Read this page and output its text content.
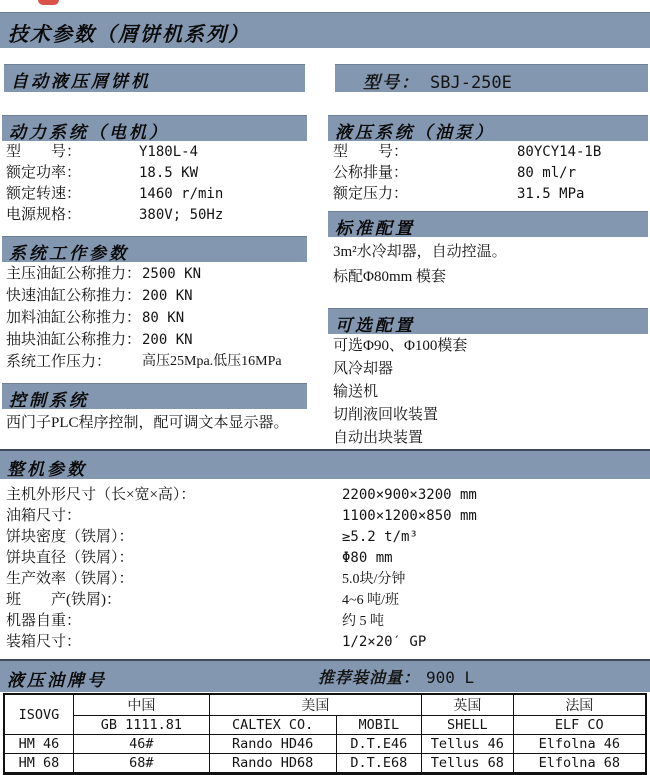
技术参数（屑饼机系列）
自动液压屑饼机	型号： SBJ-250E
动力系统（电机）
型　　号：	Y180L-4
额定功率：	18.5 KW
额定转速：	1460 r/min
电源规格：	380V; 50Hz
系统工作参数
主压油缸公称推力： 2500 KN
快速油缸公称推力： 200 KN
加料油缸公称推力： 80 KN
抽块油缸公称推力： 200 KN
系统工作压力：	高压25Mpa.低压16MPa
控制系统
西门子PLC程序控制，配可调文本显示器。
液压系统（油泵）
型　　号：	80YCY14-1B
公称排量：	80 ml/r
额定压力：	31.5 MPa
标准配置
3m²水冷却器，自动控温。
标配Φ80mm 模套
可选配置
可选Φ90、Φ100模套
风冷却器
输送机
切削液回收装置
自动出块装置
整机参数
主机外形尺寸（长×宽×高）：	2200×900×3200 mm
油箱尺寸：	1100×1200×850 mm
饼块密度（铁屑）：	≥5.2 t/m³
饼块直径（铁屑）：	Φ80 mm
生产效率（铁屑）：	5.0块/分钟
班　　产(铁屑)：	4~6 吨/班
机器自重：	约 5 吨
装箱尺寸：	1/2×20′ GP
液压油牌号	推荐装油量： 900 L
ISOVG	中国	美国		英国	法国
	GB 1111.81	CALTEX CO.	MOBIL	SHELL	ELF CO
HM 46	46#	Rando HD46	D.T.E46	Tellus 46	Elfolna 46
HM 68	68#	Rando HD68	D.T.E68	Tellus 68	Elfolna 68
